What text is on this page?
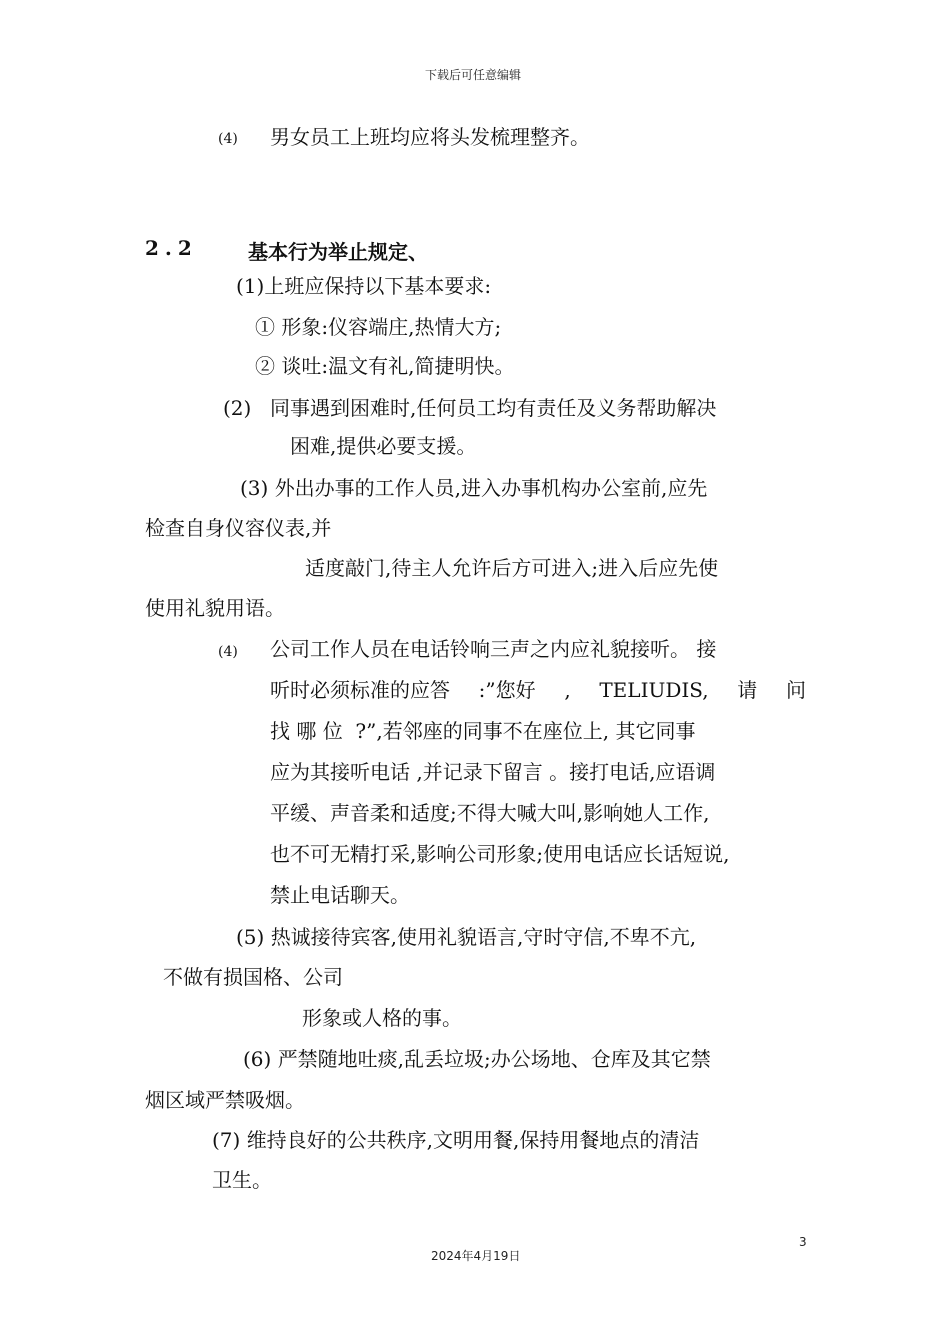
下载后可任意编辑
(4) 男女员工上班均应将头发梳理整齐。
2.2	基本行为举止规定、
(1)上班应保持以下基本要求:
① 形象:仪容端庄,热情大方;
② 谈吐:温文有礼,简捷明快。
(2) 同事遇到困难时,任何员工均有责任及义务帮助解决
困难,提供必要支援。
(3) 外出办事的工作人员,进入办事机构办公室前,应先
检查自身仪容仪表,并
适度敲门,待主人允许后方可进入;进入后应先使
使用礼貌用语。
(4) 公司工作人员在电话铃响三声之内应礼貌接听。 接
听时必须标准的应答 :”您好 , TELIUDIS, 请 问
找 哪 位  ?”,若邻座的同事不在座位上, 其它同事
应为其接听电话 ,并记录下留言 。接打电话,应语调
平缓、声音柔和适度;不得大喊大叫,影响她人工作,
也不可无精打采,影响公司形象;使用电话应长话短说,
禁止电话聊天。
(5) 热诚接待宾客,使用礼貌语言,守时守信,不卑不亢,
不做有损国格、公司
形象或人格的事。
(6) 严禁随地吐痰,乱丢垃圾;办公场地、仓库及其它禁
烟区域严禁吸烟。
(7) 维持良好的公共秩序,文明用餐,保持用餐地点的清洁
卫生。
3
2024年4月19日
